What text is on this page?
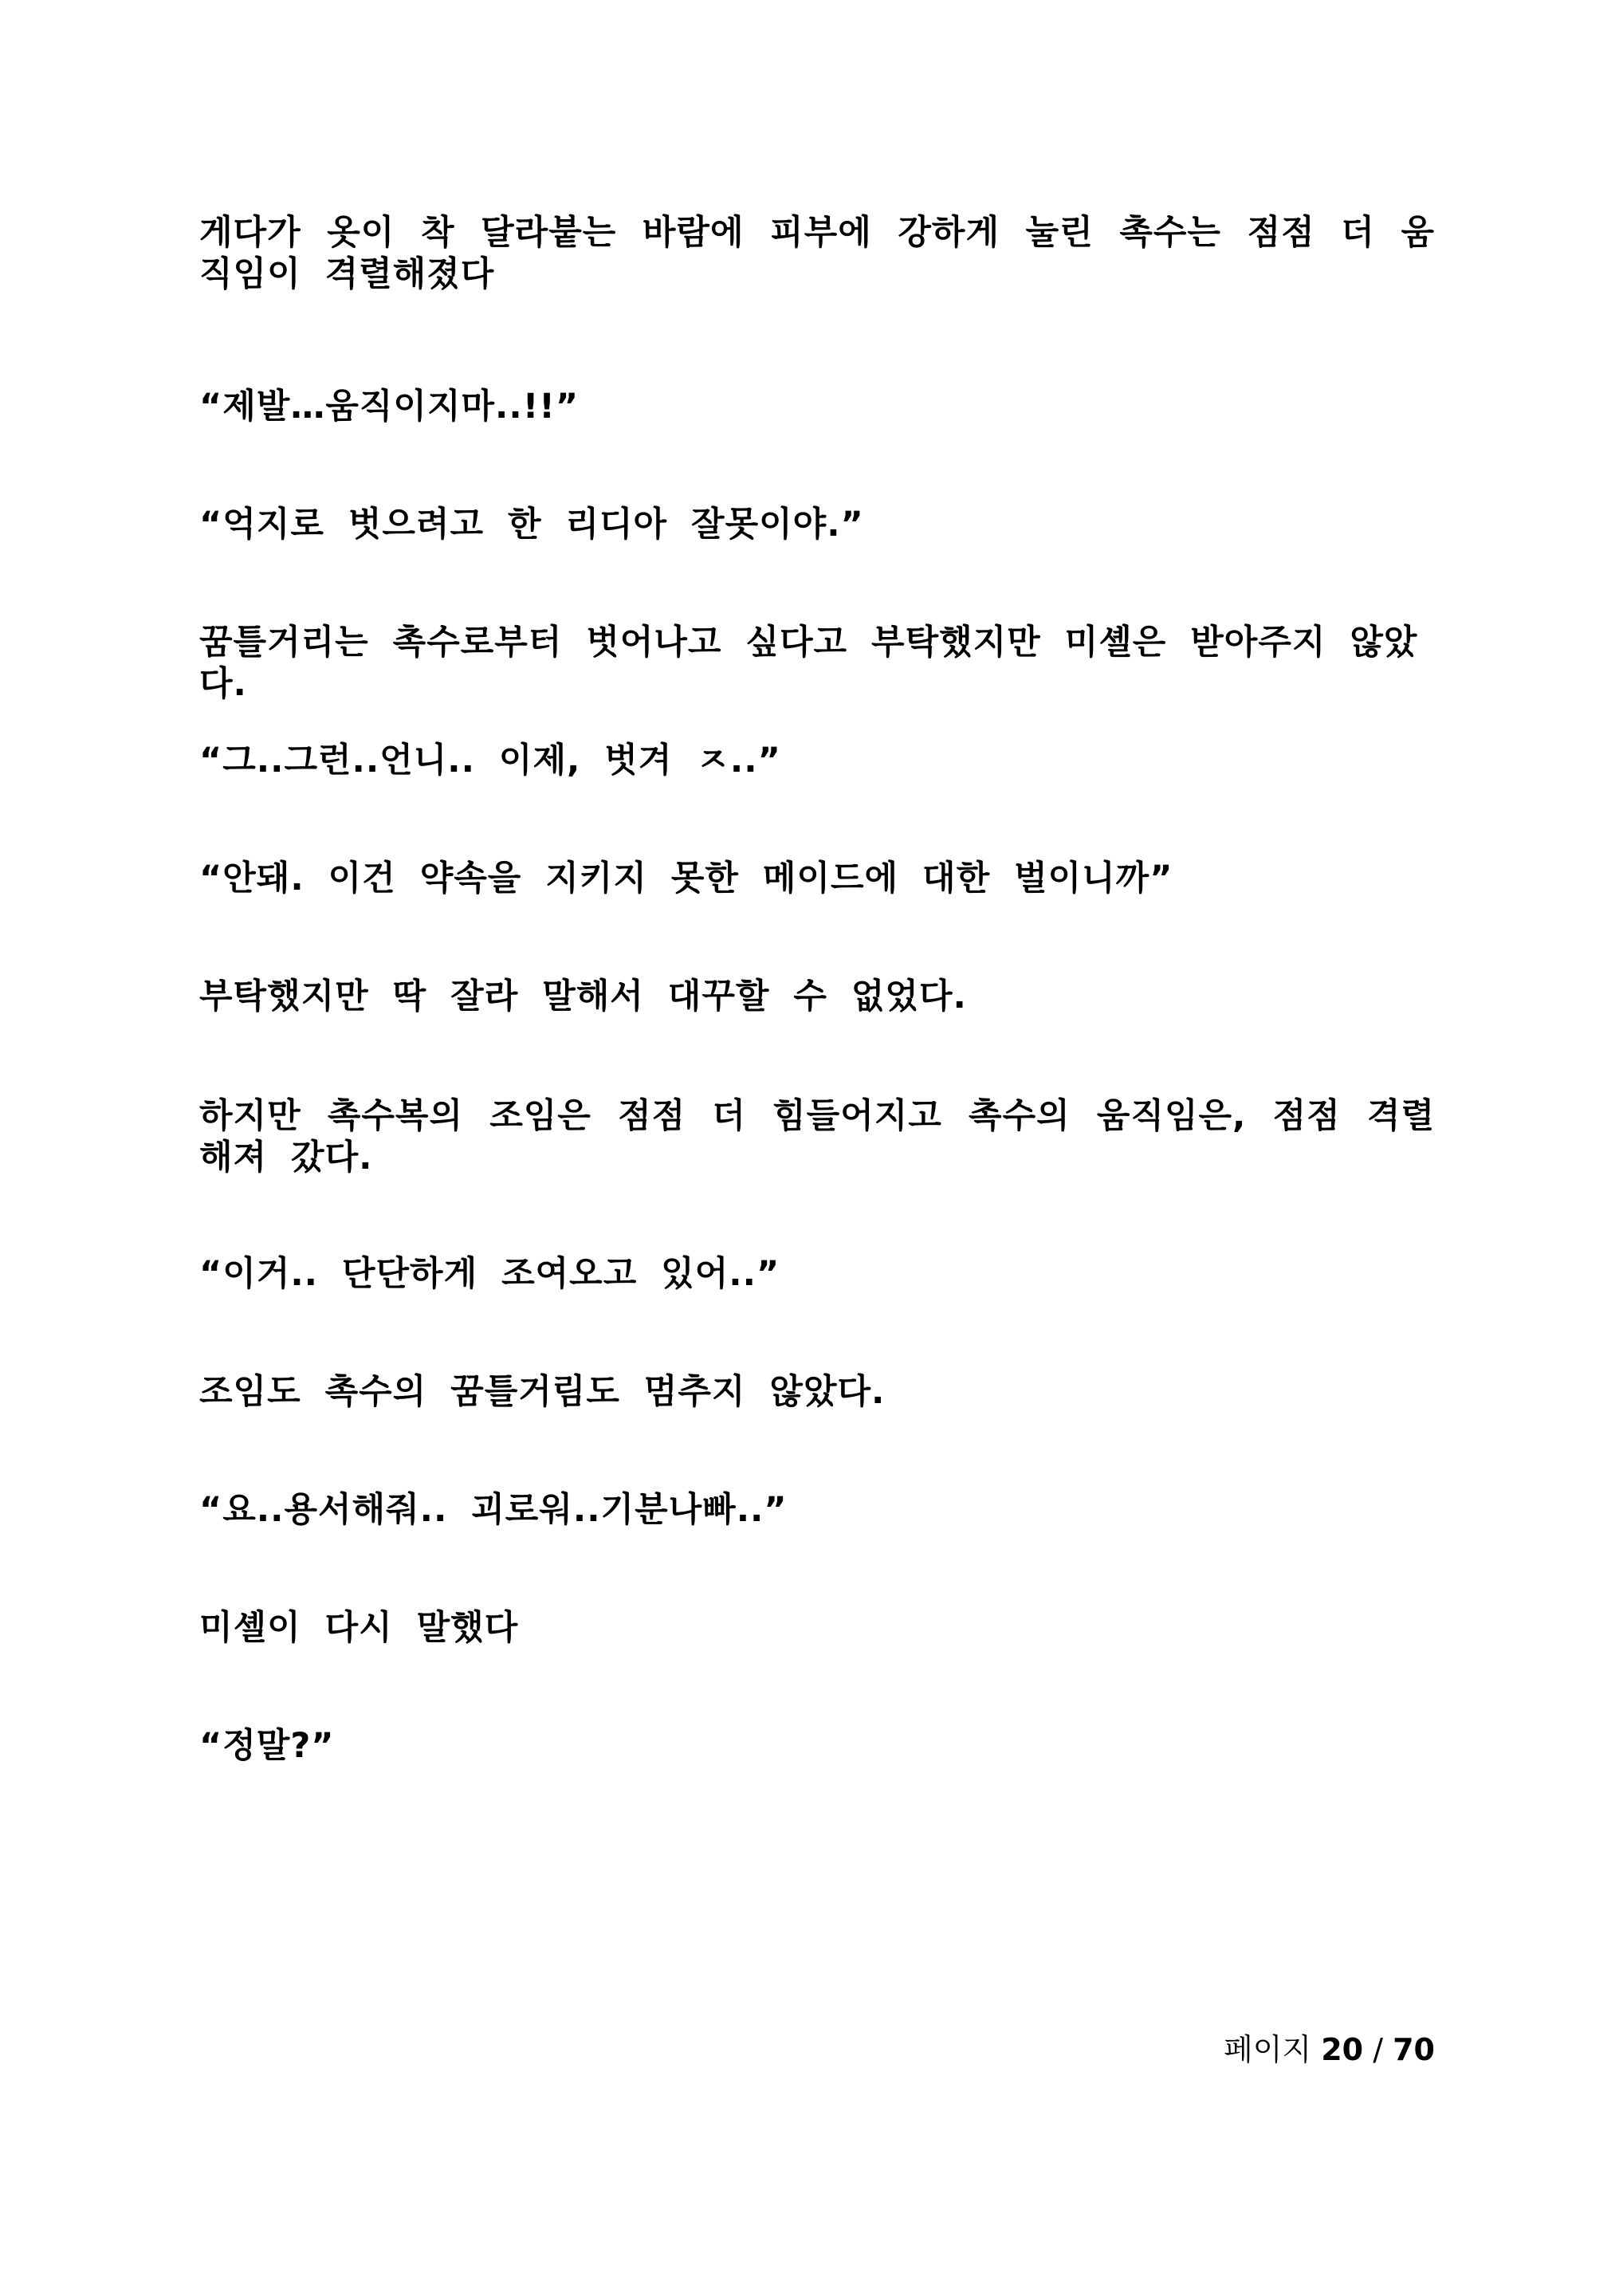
게다가 옷이 착 달라붙는 바람에 피부에 강하게 눌린 촉수는 점점 더 움직임이 격렬해졌다

“제발…움직이지마..!!”

“억지로 벗으려고 한 리디아 잘못이야.”

꿈틀거리는 촉수로부터 벗어나고 싶다고 부탁했지만 미셸은 받아주지 않았다.

“그..그런..언니.. 이제, 벗겨 ㅈ..”

“안돼. 이건 약속을 지키지 못한 메이드에 대한 벌이니까”

부탁했지만 딱 잘라 말해서 대꾸할 수 없었다.

하지만 촉수복의 조임은 점점 더 힘들어지고 촉수의 움직임은, 점점 격렬해져 갔다.

“이거.. 단단하게 조여오고 있어..”

조임도 촉수의 꿈틀거림도 멈추지 않았다.

“요..용서해줘.. 괴로워..기분나빠..”

미셸이 다시 말했다

“정말?”

페이지 20 / 70
